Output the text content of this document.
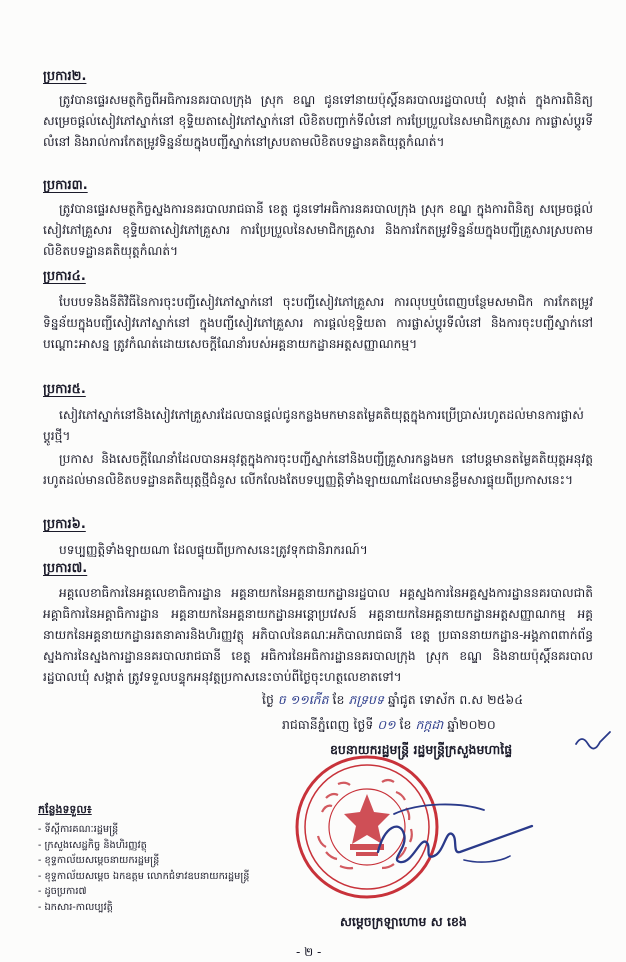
ប្រការ២.
ត្រូវបានផ្ទេរសមត្ថកិច្ចពីអធិការនគរបាលក្រុង ស្រុក ខណ្ឌ ជូនទៅនាយប៉ុស្តិ៍នគរបាលរដ្ឋបាលឃុំ សង្កាត់ ក្នុងការពិនិត្យ សម្រេចផ្តល់សៀវភៅស្នាក់នៅ ខុទ្ទិយតាសៀវភៅស្នាក់នៅ លិខិតបញ្ជាក់ទីលំនៅ ការប្រែប្រួលនៃសមាជិកគ្រួសារ ការផ្លាស់ប្តូរទីលំនៅ និងរាល់ការកែតម្រូវទិន្នន័យក្នុងបញ្ជីស្នាក់នៅស្របតាមលិខិតបទដ្ឋានគតិយុត្តកំណត់។
ប្រការ៣.
ត្រូវបានផ្ទេរសមត្ថកិច្ចស្នងការនគរបាលរាជធានី ខេត្ត ជូនទៅអធិការនគរបាលក្រុង ស្រុក ខណ្ឌ ក្នុងការពិនិត្យ សម្រេចផ្តល់សៀវភៅគ្រួសារ ខុទ្ទិយតាសៀវភៅគ្រួសារ ការប្រែប្រួលនៃសមាជិកគ្រួសារ និងការកែតម្រូវទិន្នន័យក្នុងបញ្ជីគ្រួសារស្របតាមលិខិតបទដ្ឋានគតិយុត្តកំណត់។
ប្រការ៤.
បែបបទនិងនីតិវិធីនៃការចុះបញ្ជីសៀវភៅស្នាក់នៅ ចុះបញ្ជីសៀវភៅគ្រួសារ ការលុបឬបំពេញបន្ថែមសមាជិក ការកែតម្រូវទិន្នន័យក្នុងបញ្ជីសៀវភៅស្នាក់នៅ ក្នុងបញ្ជីសៀវភៅគ្រួសារ ការផ្តល់ខុទ្ទិយតា ការផ្លាស់ប្តូរទីលំនៅ និងការចុះបញ្ជីស្នាក់នៅបណ្តោះអាសន្ន ត្រូវកំណត់ដោយសេចក្តីណែនាំរបស់អគ្គនាយកដ្ឋានអត្តសញ្ញាណកម្ម។
ប្រការ៥.
សៀវភៅស្នាក់នៅនិងសៀវភៅគ្រួសារដែលបានផ្តល់ជូនកន្លងមកមានតម្លៃគតិយុត្តក្នុងការប្រើប្រាស់រហូតដល់មានការផ្លាស់ប្តូរថ្មី។
ប្រកាស និងសេចក្តីណែនាំដែលបានអនុវត្តក្នុងការចុះបញ្ជីស្នាក់នៅនិងបញ្ជីគ្រួសារកន្លងមក នៅបន្តមានតម្លៃគតិយុត្តអនុវត្តរហូតដល់មានលិខិតបទដ្ឋានគតិយុត្តថ្មីជំនួស លើកលែងតែបទប្បញ្ញត្តិទាំងឡាយណាដែលមានខ្លឹមសារផ្ទុយពីប្រកាសនេះ។
ប្រការ៦.
បទប្បញ្ញត្តិទាំងឡាយណា ដែលផ្ទុយពីប្រកាសនេះត្រូវទុកជានិរាករណ៍។
ប្រការ៧.
អគ្គលេខាធិការនៃអគ្គលេខាធិការដ្ឋាន អគ្គនាយកនៃអគ្គនាយកដ្ឋានរដ្ឋបាល អគ្គស្នងការនៃអគ្គស្នងការដ្ឋាននគរបាលជាតិ អគ្គាធិការនៃអគ្គាធិការដ្ឋាន អគ្គនាយកនៃអគ្គនាយកដ្ឋានអន្តោប្រវេសន៍ អគ្គនាយកនៃអគ្គនាយកដ្ឋានអត្តសញ្ញាណកម្ម អគ្គនាយកនៃអគ្គនាយកដ្ឋានរតនាគារនិងហិរញ្ញវត្ថុ អភិបាលនៃគណៈអភិបាលរាជធានី ខេត្ត ប្រធាននាយកដ្ឋាន-អង្គភាពពាក់ព័ន្ធ ស្នងការនៃស្នងការដ្ឋាននគរបាលរាជធានី ខេត្ត អធិការនៃអធិការដ្ឋាននគរបាលក្រុង ស្រុក ខណ្ឌ និងនាយប៉ុស្តិ៍នគរបាលរដ្ឋបាលឃុំ សង្កាត់ ត្រូវទទួលបន្ទុកអនុវត្តប្រកាសនេះចាប់ពីថ្ងៃចុះហត្ថលេខាតទៅ។
ថ្ងៃ ច ១១កើត ខែ ភទ្របទ ឆ្នាំជូត ទោស័ក ព.ស ២៥៦៤
រាជធានីភ្នំពេញ ថ្ងៃទី ០១ ខែ កក្កដា ឆ្នាំ២០២០
ឧបនាយករដ្ឋមន្ត្រី រដ្ឋមន្ត្រីក្រសួងមហាផ្ទៃ
កន្លែងទទួល៖
- ទីស្តីការគណៈរដ្ឋមន្ត្រី
- ក្រសួងសេដ្ឋកិច្ច និងហិរញ្ញវត្ថុ
- ខុទ្ទកាល័យសម្តេចនាយករដ្ឋមន្ត្រី
- ខុទ្ទកាល័យសម្តេច ឯកឧត្តម លោកជំទាវឧបនាយករដ្ឋមន្ត្រី
- ដូចប្រការ៧
- ឯកសារ-កាលប្បវត្តិ
សម្តេចក្រឡាហោម ស ខេង
- ២ -
